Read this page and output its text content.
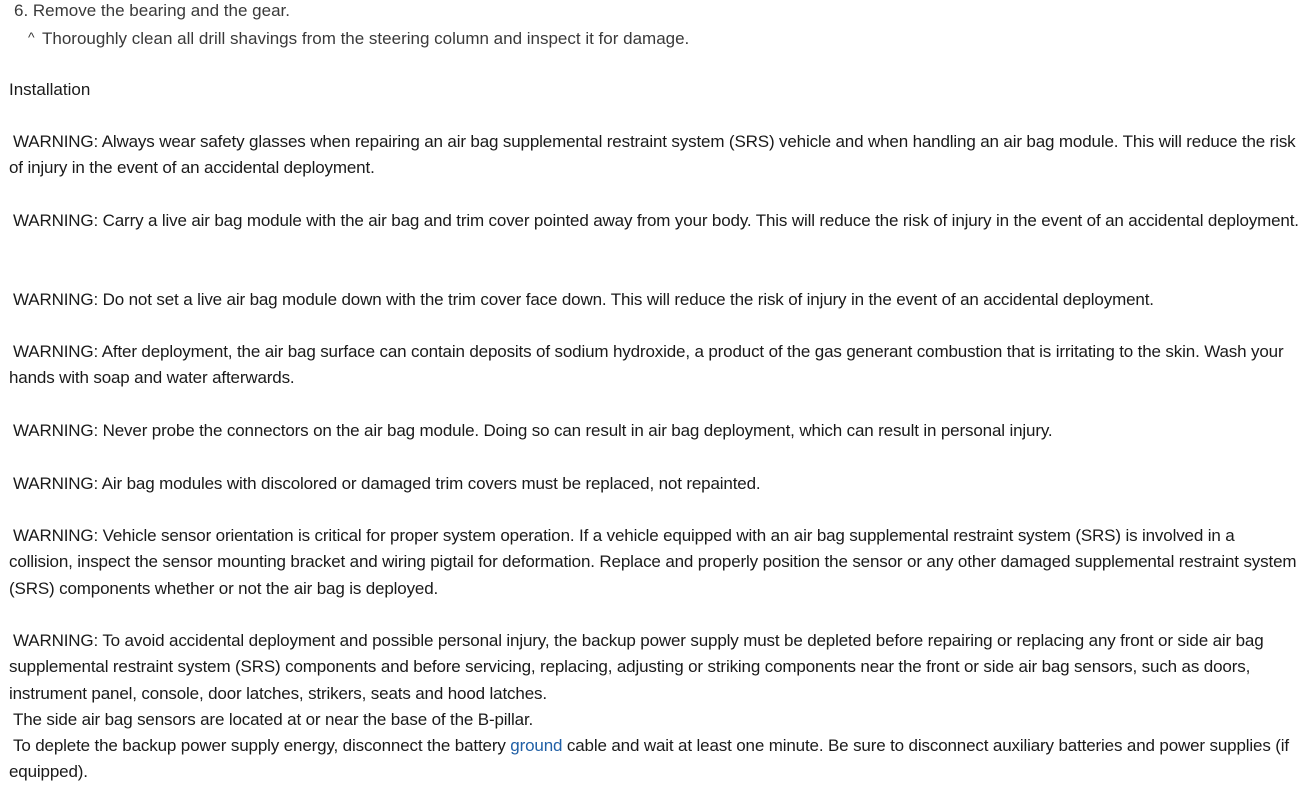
6. Remove the bearing and the gear.
^ Thoroughly clean all drill shavings from the steering column and inspect it for damage.
Installation
WARNING: Always wear safety glasses when repairing an air bag supplemental restraint system (SRS) vehicle and when handling an air bag module. This will reduce the risk of injury in the event of an accidental deployment.
WARNING: Carry a live air bag module with the air bag and trim cover pointed away from your body. This will reduce the risk of injury in the event of an accidental deployment.
WARNING: Do not set a live air bag module down with the trim cover face down. This will reduce the risk of injury in the event of an accidental deployment.
WARNING: After deployment, the air bag surface can contain deposits of sodium hydroxide, a product of the gas generant combustion that is irritating to the skin. Wash your hands with soap and water afterwards.
WARNING: Never probe the connectors on the air bag module. Doing so can result in air bag deployment, which can result in personal injury.
WARNING: Air bag modules with discolored or damaged trim covers must be replaced, not repainted.
WARNING: Vehicle sensor orientation is critical for proper system operation. If a vehicle equipped with an air bag supplemental restraint system (SRS) is involved in a collision, inspect the sensor mounting bracket and wiring pigtail for deformation. Replace and properly position the sensor or any other damaged supplemental restraint system (SRS) components whether or not the air bag is deployed.
WARNING: To avoid accidental deployment and possible personal injury, the backup power supply must be depleted before repairing or replacing any front or side air bag supplemental restraint system (SRS) components and before servicing, replacing, adjusting or striking components near the front or side air bag sensors, such as doors, instrument panel, console, door latches, strikers, seats and hood latches.
The side air bag sensors are located at or near the base of the B-pillar.
To deplete the backup power supply energy, disconnect the battery ground cable and wait at least one minute. Be sure to disconnect auxiliary batteries and power supplies (if equipped).
